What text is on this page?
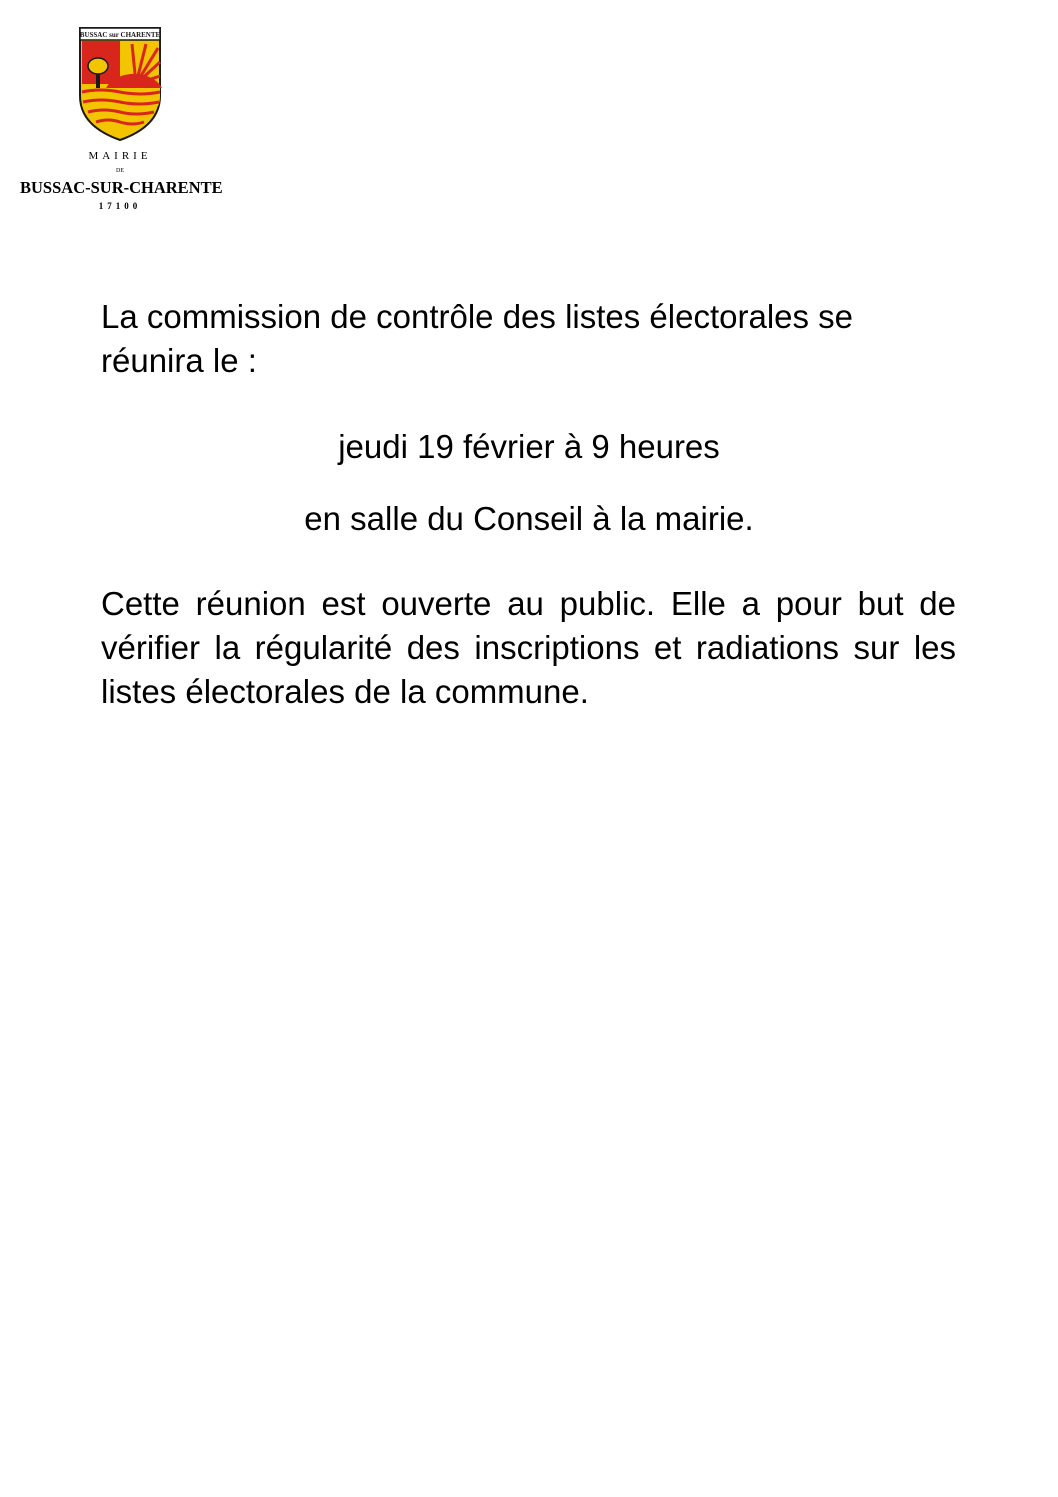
BUSSAC sur CHARENTE
MAIRIE
DE
BUSSAC-SUR-CHARENTE
17100
La commission de contrôle des listes électorales se réunira le :
jeudi 19 février à 9 heures
en salle du Conseil à la mairie.
Cette réunion est ouverte au public. Elle a pour but de vérifier la régularité des inscriptions et radiations sur les listes électorales de la commune.
